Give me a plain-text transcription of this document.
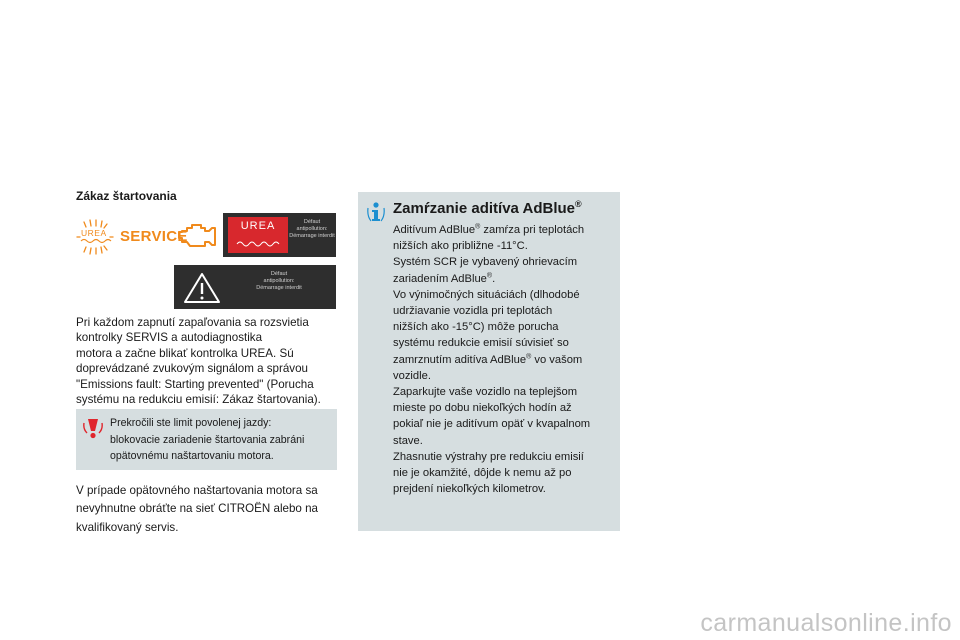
Zákaz štartovania
UREA SERVICE
UREA	Défaut
antipollution:
Démarrage interdit
Défaut
antipollution:
Démarrage interdit
Pri každom zapnutí zapaľovania sa rozsvietia
kontrolky SERVIS a autodiagnostika
motora a začne blikať kontrolka UREA. Sú
doprevádzané zvukovým signálom a správou
"Emissions fault: Starting prevented" (Porucha
systému na redukciu emisií: Zákaz štartovania).
Prekročili ste limit povolenej jazdy:
blokovacie zariadenie štartovania zabráni
opätovnému naštartovaniu motora.
V prípade opätovného naštartovania motora sa
nevyhnutne obráťte na sieť CITROËN alebo na
kvalifikovaný servis.
Zamŕzanie aditíva AdBlue®
Aditívum AdBlue® zamŕza pri teplotách
nižších ako približne -11°C.
Systém SCR je vybavený ohrievacím
zariadením AdBlue®.
Vo výnimočných situáciách (dlhodobé
udržiavanie vozidla pri teplotách
nižších ako -15°C) môže porucha
systému redukcie emisií súvisieť so
zamrznutím aditíva AdBlue® vo vašom
vozidle.
Zaparkujte vaše vozidlo na teplejšom
mieste po dobu niekoľkých hodín až
pokiaľ nie je aditívum opäť v kvapalnom
stave.
Zhasnutie výstrahy pre redukciu emisií
nie je okamžité, dôjde k nemu až po
prejdení niekoľkých kilometrov.
carmanualsonline.info
